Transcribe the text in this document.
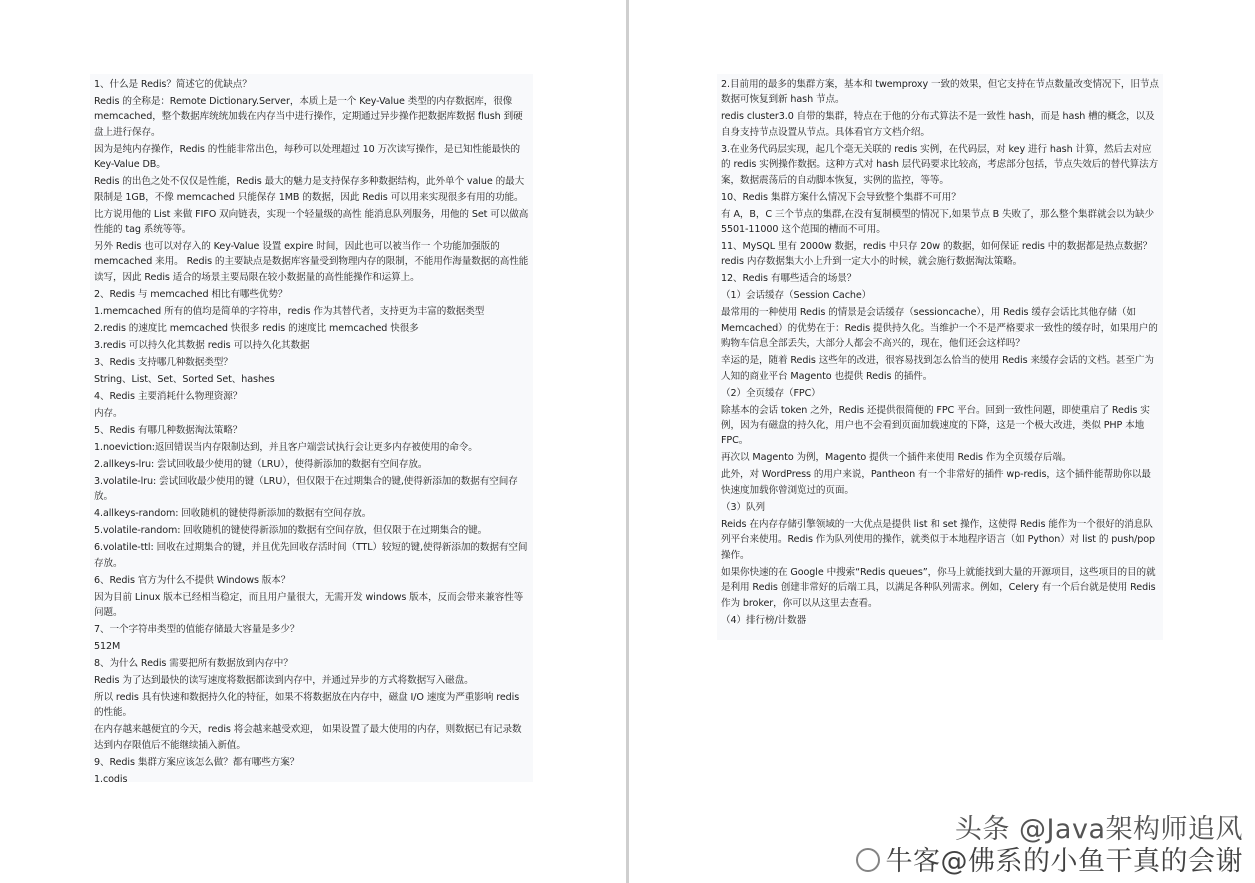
1、什么是 Redis？简述它的优缺点？

Redis 的全称是：Remote Dictionary.Server，本质上是一个 Key-Value 类型的内存数据库，很像 memcached，整个数据库统统加载在内存当中进行操作，定期通过异步操作把数据库数据 flush 到硬盘上进行保存。

因为是纯内存操作，Redis 的性能非常出色，每秒可以处理超过 10 万次读写操作，是已知性能最快的 Key-Value DB。

Redis 的出色之处不仅仅是性能，Redis 最大的魅力是支持保存多种数据结构，此外单个 value 的最大限制是 1GB，不像 memcached 只能保存 1MB 的数据，因此 Redis 可以用来实现很多有用的功能。

比方说用他的 List 来做 FIFO 双向链表，实现一个轻量级的高性 能消息队列服务，用他的 Set 可以做高性能的 tag 系统等等。

另外 Redis 也可以对存入的 Key-Value 设置 expire 时间，因此也可以被当作一 个功能加强版的 memcached 来用。 Redis 的主要缺点是数据库容量受到物理内存的限制，不能用作海量数据的高性能读写，因此 Redis 适合的场景主要局限在较小数据量的高性能操作和运算上。

2、Redis 与 memcached 相比有哪些优势？

1.memcached 所有的值均是简单的字符串，redis 作为其替代者，支持更为丰富的数据类型

2.redis 的速度比 memcached 快很多 redis 的速度比 memcached 快很多

3.redis 可以持久化其数据 redis 可以持久化其数据

3、Redis 支持哪几种数据类型？

String、List、Set、Sorted Set、hashes

4、Redis 主要消耗什么物理资源？

内存。

5、Redis 有哪几种数据淘汰策略？

1.noeviction:返回错误当内存限制达到，并且客户端尝试执行会让更多内存被使用的命令。

2.allkeys-lru: 尝试回收最少使用的键（LRU），使得新添加的数据有空间存放。

3.volatile-lru: 尝试回收最少使用的键（LRU），但仅限于在过期集合的键,使得新添加的数据有空间存放。

4.allkeys-random: 回收随机的键使得新添加的数据有空间存放。

5.volatile-random: 回收随机的键使得新添加的数据有空间存放，但仅限于在过期集合的键。

6.volatile-ttl: 回收在过期集合的键，并且优先回收存活时间（TTL）较短的键,使得新添加的数据有空间存放。

6、Redis 官方为什么不提供 Windows 版本？

因为目前 Linux 版本已经相当稳定，而且用户量很大，无需开发 windows 版本，反而会带来兼容性等问题。

7、一个字符串类型的值能存储最大容量是多少？

512M

8、为什么 Redis 需要把所有数据放到内存中？

Redis 为了达到最快的读写速度将数据都读到内存中，并通过异步的方式将数据写入磁盘。

所以 redis 具有快速和数据持久化的特征，如果不将数据放在内存中，磁盘 I/O 速度为严重影响 redis 的性能。

在内存越来越便宜的今天，redis 将会越来越受欢迎， 如果设置了最大使用的内存，则数据已有记录数达到内存限值后不能继续插入新值。

9、Redis 集群方案应该怎么做？都有哪些方案？

1.codis

2.目前用的最多的集群方案，基本和 twemproxy 一致的效果，但它支持在节点数量改变情况下，旧节点数据可恢复到新 hash 节点。

redis cluster3.0 自带的集群，特点在于他的分布式算法不是一致性 hash，而是 hash 槽的概念，以及自身支持节点设置从节点。具体看官方文档介绍。

3.在业务代码层实现，起几个毫无关联的 redis 实例，在代码层，对 key 进行 hash 计算，然后去对应的 redis 实例操作数据。这种方式对 hash 层代码要求比较高，考虑部分包括，节点失效后的替代算法方案，数据震荡后的自动脚本恢复，实例的监控，等等。

10、Redis 集群方案什么情况下会导致整个集群不可用？

有 A，B，C 三个节点的集群,在没有复制模型的情况下,如果节点 B 失败了，那么整个集群就会以为缺少 5501-11000 这个范围的槽而不可用。

11、MySQL 里有 2000w 数据，redis 中只存 20w 的数据，如何保证 redis 中的数据都是热点数据？redis 内存数据集大小上升到一定大小的时候，就会施行数据淘汰策略。

12、Redis 有哪些适合的场景？

（1）会话缓存（Session Cache）

最常用的一种使用 Redis 的情景是会话缓存（sessioncache），用 Redis 缓存会话比其他存储（如 Memcached）的优势在于：Redis 提供持久化。当维护一个不是严格要求一致性的缓存时，如果用户的购物车信息全部丢失，大部分人都会不高兴的，现在，他们还会这样吗？

幸运的是，随着 Redis 这些年的改进，很容易找到怎么恰当的使用 Redis 来缓存会话的文档。甚至广为人知的商业平台 Magento 也提供 Redis 的插件。

（2）全页缓存（FPC）

除基本的会话 token 之外，Redis 还提供很简便的 FPC 平台。回到一致性问题，即使重启了 Redis 实例，因为有磁盘的持久化，用户也不会看到页面加载速度的下降，这是一个极大改进，类似 PHP 本地 FPC。

再次以 Magento 为例，Magento 提供一个插件来使用 Redis 作为全页缓存后端。

此外，对 WordPress 的用户来说，Pantheon 有一个非常好的插件 wp-redis，这个插件能帮助你以最快速度加载你曾浏览过的页面。

（3）队列

Reids 在内存存储引擎领域的一大优点是提供 list 和 set 操作，这使得 Redis 能作为一个很好的消息队列平台来使用。Redis 作为队列使用的操作，就类似于本地程序语言（如 Python）对 list 的 push/pop 操作。

如果你快速的在 Google 中搜索“Redis queues”，你马上就能找到大量的开源项目，这些项目的目的就是利用 Redis 创建非常好的后端工具，以满足各种队列需求。例如，Celery 有一个后台就是使用 Redis 作为 broker，你可以从这里去查看。

（4）排行榜/计数器

头条 @Java架构师追风
牛客@佛系的小鱼干真的会谢
